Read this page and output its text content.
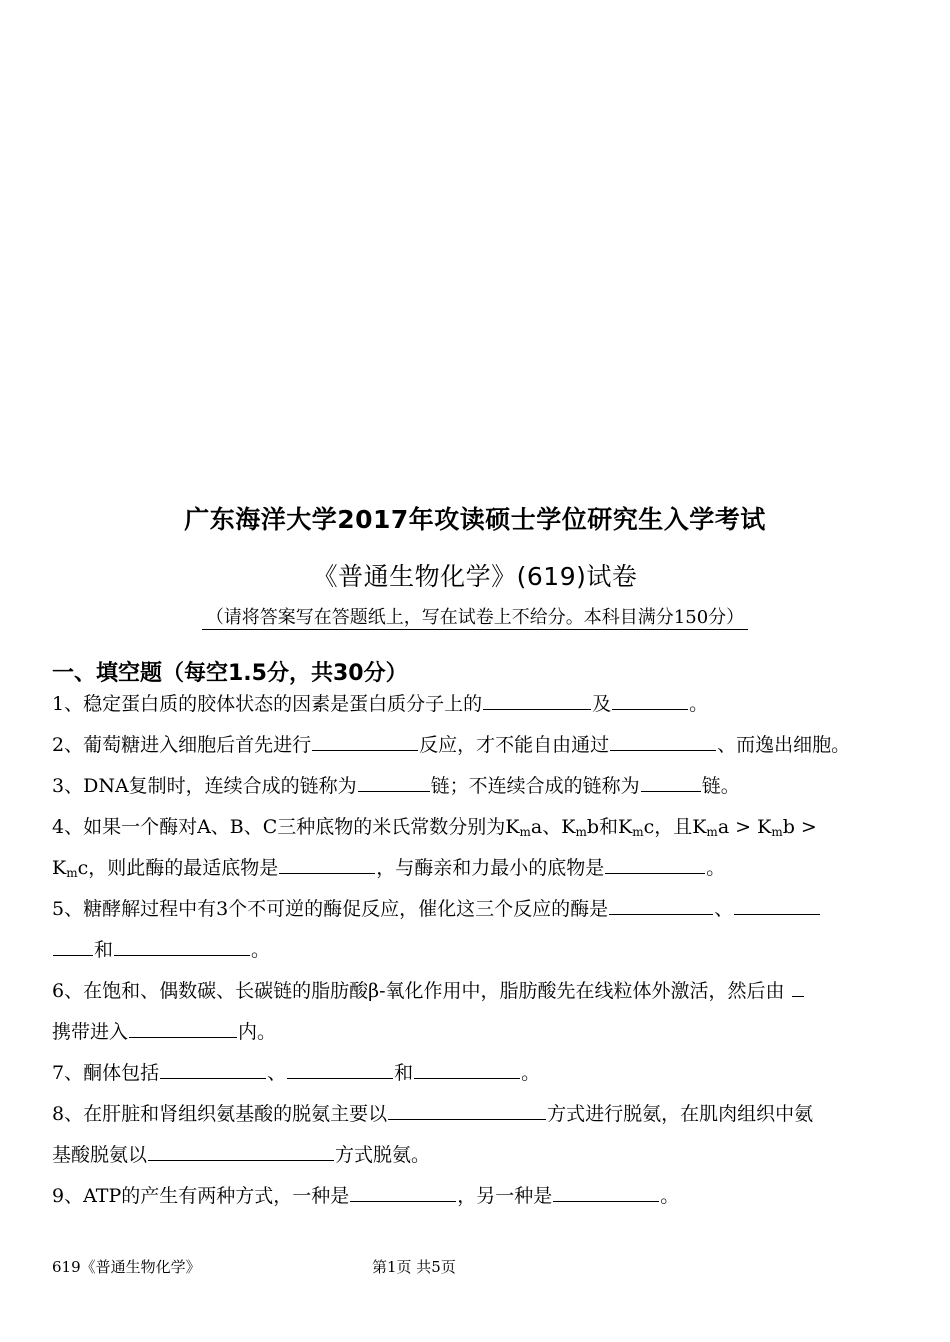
广东海洋大学2017年攻读硕士学位研究生入学考试
《普通生物化学》(619)试卷
（请将答案写在答题纸上，写在试卷上不给分。本科目满分150分）
一、填空题（每空1.5分，共30分）
1、稳定蛋白质的胶体状态的因素是蛋白质分子上的	及	。
2、葡萄糖进入细胞后首先进行	反应，才不能自由通过	、而逸出细胞。
3、DNA复制时，连续合成的链称为	链；不连续合成的链称为	链。
4、如果一个酶对A、B、C三种底物的米氏常数分别为$K_ma$、$K_mb$和$K_mc$，且$K_ma > K_mb$ >
$K_mc$，则此酶的最适底物是	，与酶亲和力最小的底物是	。
5、糖酵解过程中有3个不可逆的酶促反应，催化这三个反应的酶是	、
和	。
6、在饱和、偶数碳、长碳链的脂肪酸β-氧化作用中，脂肪酸先在线粒体外激活，然后由
携带进入	内。
7、酮体包括	、	和	。
8、在肝脏和肾组织氨基酸的脱氨主要以	方式进行脱氨，在肌肉组织中氨
基酸脱氨以	方式脱氨。
9、ATP的产生有两种方式，一种是	，另一种是	。
619《普通生物化学》	第1页 共5页
